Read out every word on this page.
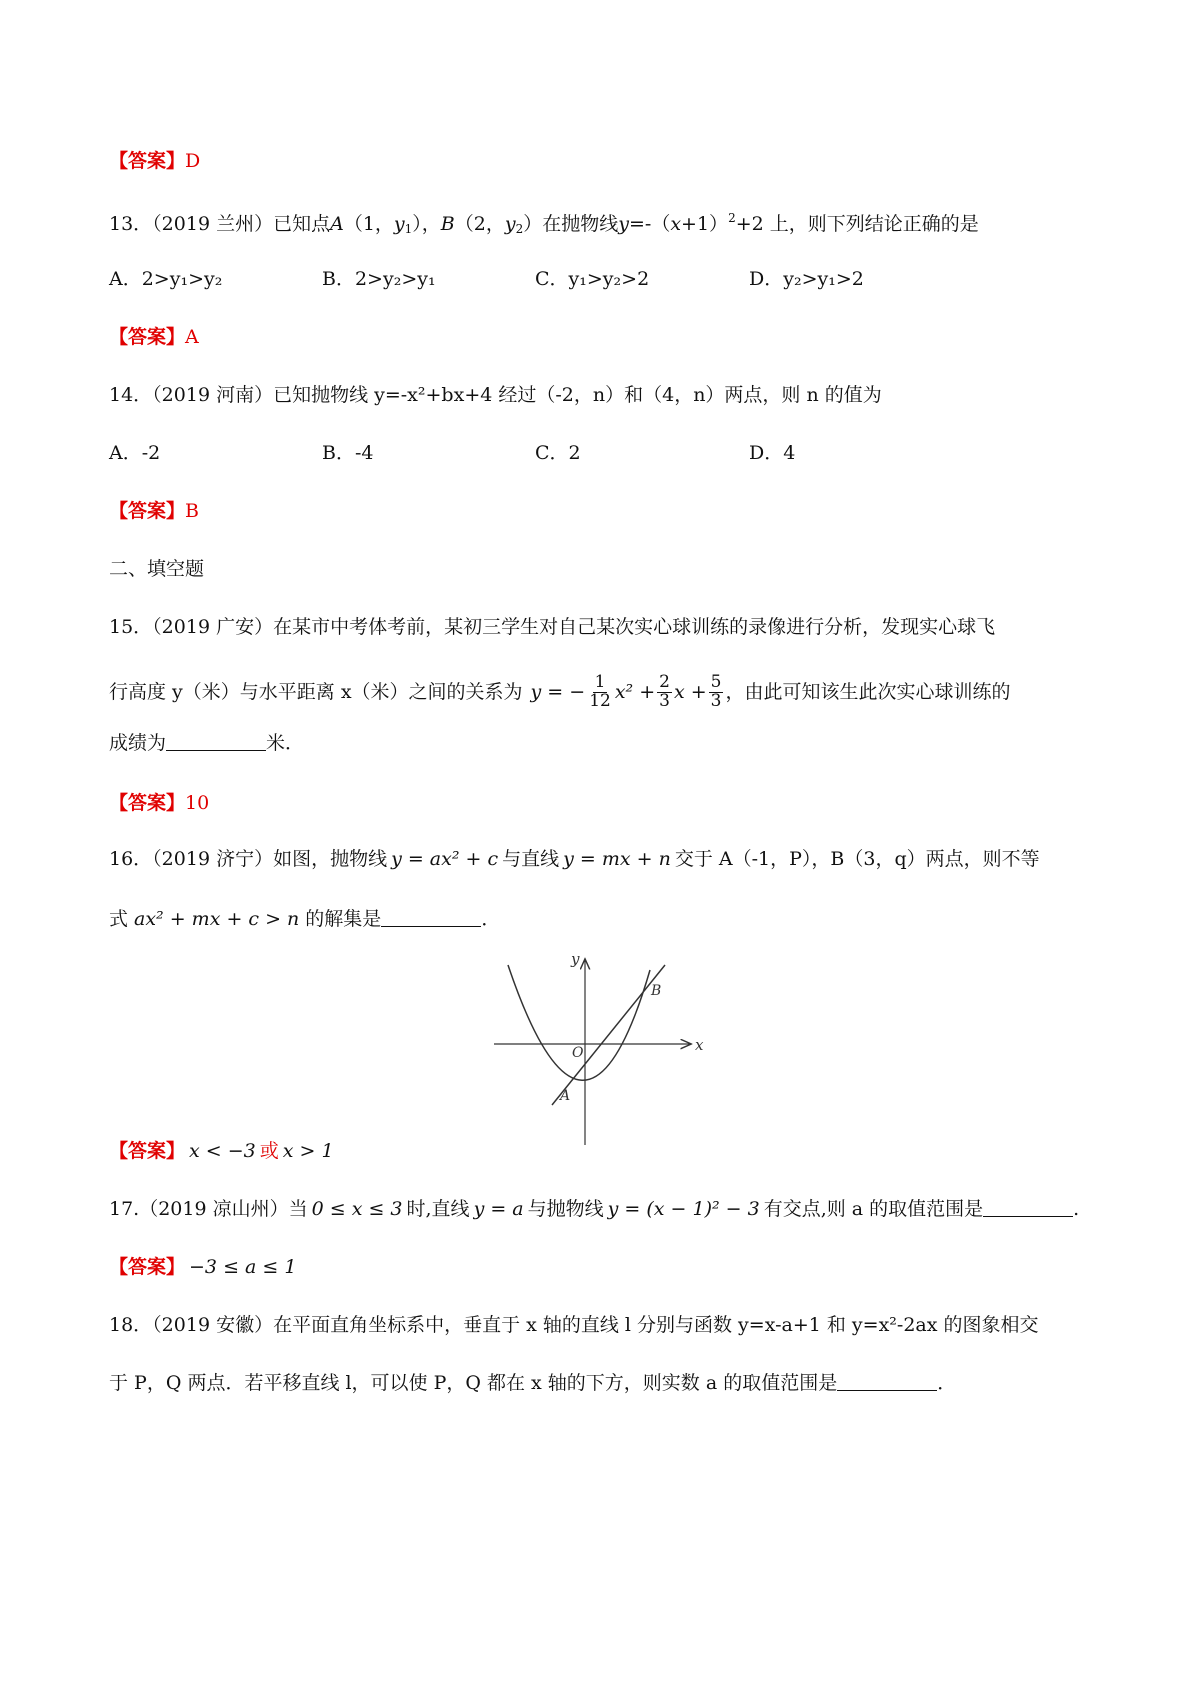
【答案】D
13．（2019 兰州）已知点A（1，$y_1$），B（2，$y_2$）在抛物线$y=-(x+1)^2+2$ 上，则下列结论正确的是
A．2>y₁>y₂	B．2>y₂>y₁	C．y₁>y₂>2	D．y₂>y₁>2
【答案】A
14．（2019 河南）已知抛物线 y=-x²+bx+4 经过（-2，n）和（4，n）两点，则 n 的值为
A．-2	B．-4	C．2	D．4
【答案】B
二、填空题
15．（2019 广安）在某市中考体考前，某初三学生对自己某次实心球训练的录像进行分析，发现实心球飞
行高度 y（米）与水平距离 x（米）之间的关系为 y = − $\frac{1}{12} x^2 + \frac{2}{3}$ $x + \frac{5}{3}$ ，由此可知该生此次实心球训练的
成绩为	米．
【答案】10
16．（2019 济宁）如图，抛物线 y = ax² + c 与直线 y = mx + n 交于 A（-1，P），B（3，q）两点，则不等
式 ax² + mx + c > n 的解集是	．
y
x
O
A
B
【答案】 x < −3 或 x > 1
17.（2019 凉山州）当 0 ≤ x ≤ 3 时,直线 y = a 与抛物线 y = (x − 1)² − 3 有交点,则 a 的取值范围是	.
【答案】 −3 ≤ a ≤ 1
18．（2019 安徽）在平面直角坐标系中，垂直于 x 轴的直线 l 分别与函数 y=x-a+1 和 y=x²-2ax 的图象相交
于 P，Q 两点．若平移直线 l，可以使 P，Q 都在 x 轴的下方，则实数 a 的取值范围是	．
